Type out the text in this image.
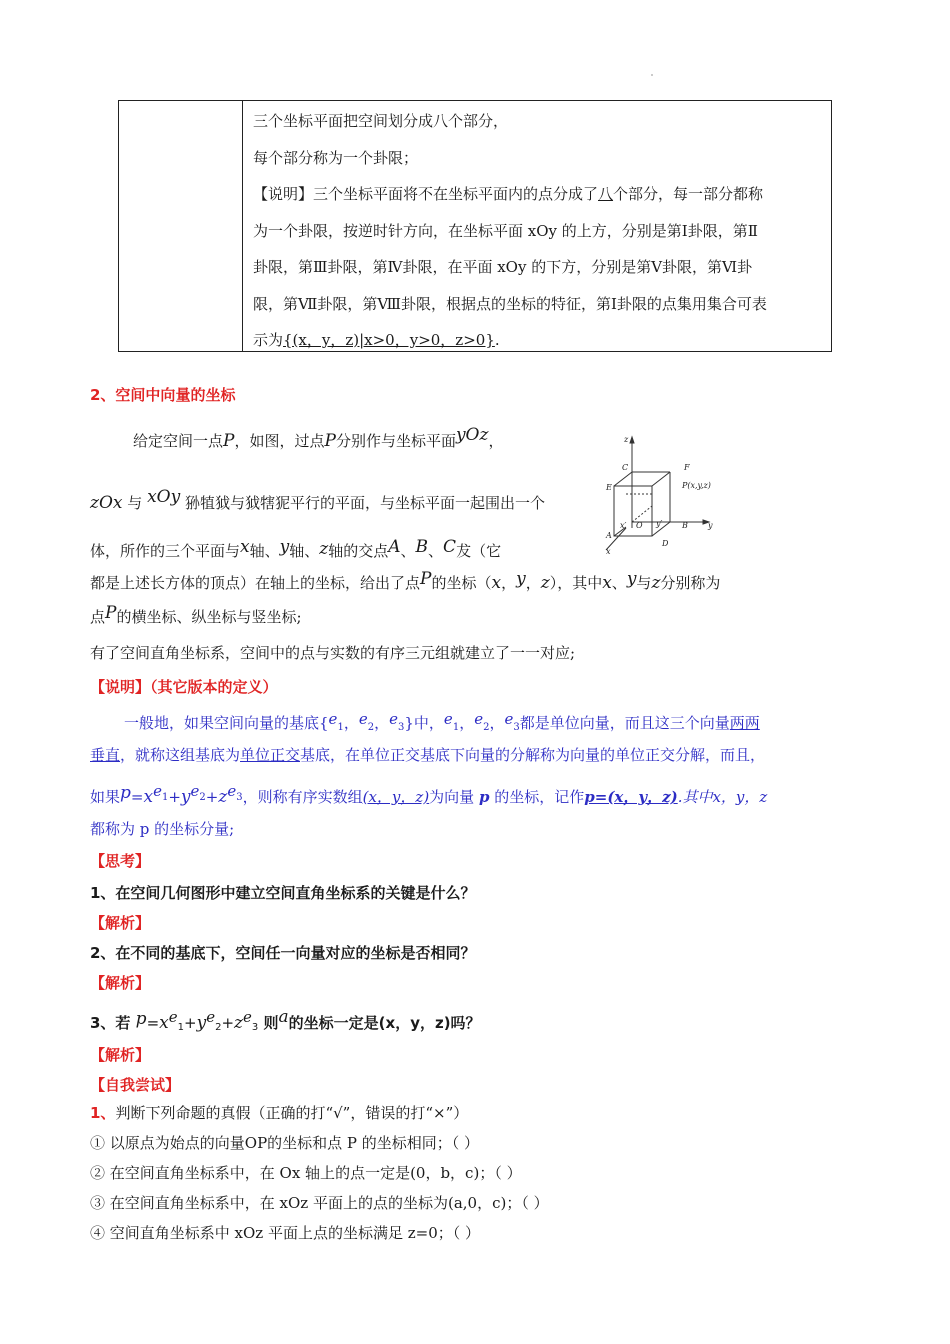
三个坐标平面把空间划分成八个部分，

每个部分称为一个卦限；

【说明】三个坐标平面将不在坐标平面内的点分成了八个部分，每一部分都称

为一个卦限，按逆时针方向，在坐标平面 xOy 的上方，分别是第Ⅰ卦限，第Ⅱ

卦限，第Ⅲ卦限，第Ⅳ卦限，在平面 xOy 的下方，分别是第Ⅴ卦限，第Ⅵ卦

限，第Ⅶ卦限，第Ⅷ卦限，根据点的坐标的特征，第Ⅰ卦限的点集用集合可表

示为{(x，y，z)|x>0，y>0，z>0}.

2、空间中向量的坐标
给定空间一点P，如图，过点P分别作与坐标平面yOz，
zOx 与 xOy 狲犆狘与狘犗狔平行的平面，与坐标平面一起围出一个
体，所作的三个平面与x轴、y轴、z轴的交点A、B、C犮（它
都是上述长方体的顶点）在轴上的坐标，给出了点P的坐标（x，y，z），其中x、y与z分别称为
点P的横坐标、纵坐标与竖坐标;
有了空间直角坐标系，空间中的点与实数的有序三元组就建立了一一对应;
z
C	F
E	P(x,y,z)
x′ O y′ B	y
A
D
x
【说明】（其它版本的定义）
一般地，如果空间向量的基底{$e_1$，$e_2$，$e_3$}中，$e_1$，$e_2$，$e_3$都是单位向量，而且这三个向量两两
垂直，就称这组基底为单位正交基底，在单位正交基底下向量的分解称为向量的单位正交分解，而且，
如果$p=xe_1+ye_2+ze_3$，则称有序实数组(x，y，z)为向量 p 的坐标，记作p=(x，y，z).其中x，y，z
都称为 p 的坐标分量;
【思考】
1、在空间几何图形中建立空间直角坐标系的关键是什么？
【解析】
2、在不同的基底下，空间任一向量对应的坐标是否相同？
【解析】
3、若 $p=xe_1+ye_2+ze_3$ 则a的坐标一定是(x，y，z)吗？
【解析】
【自我尝试】
1、判断下列命题的真假（正确的打“√”，错误的打“×”）
① 以原点为始点的向量OP的坐标和点 P 的坐标相同；（ ）
② 在空间直角坐标系中，在 Ox 轴上的点一定是(0，b，c)；（ ）
③ 在空间直角坐标系中，在 xOz 平面上的点的坐标为(a,0，c)；（ ）
④ 空间直角坐标系中 xOz 平面上点的坐标满足 z=0；（ ）
